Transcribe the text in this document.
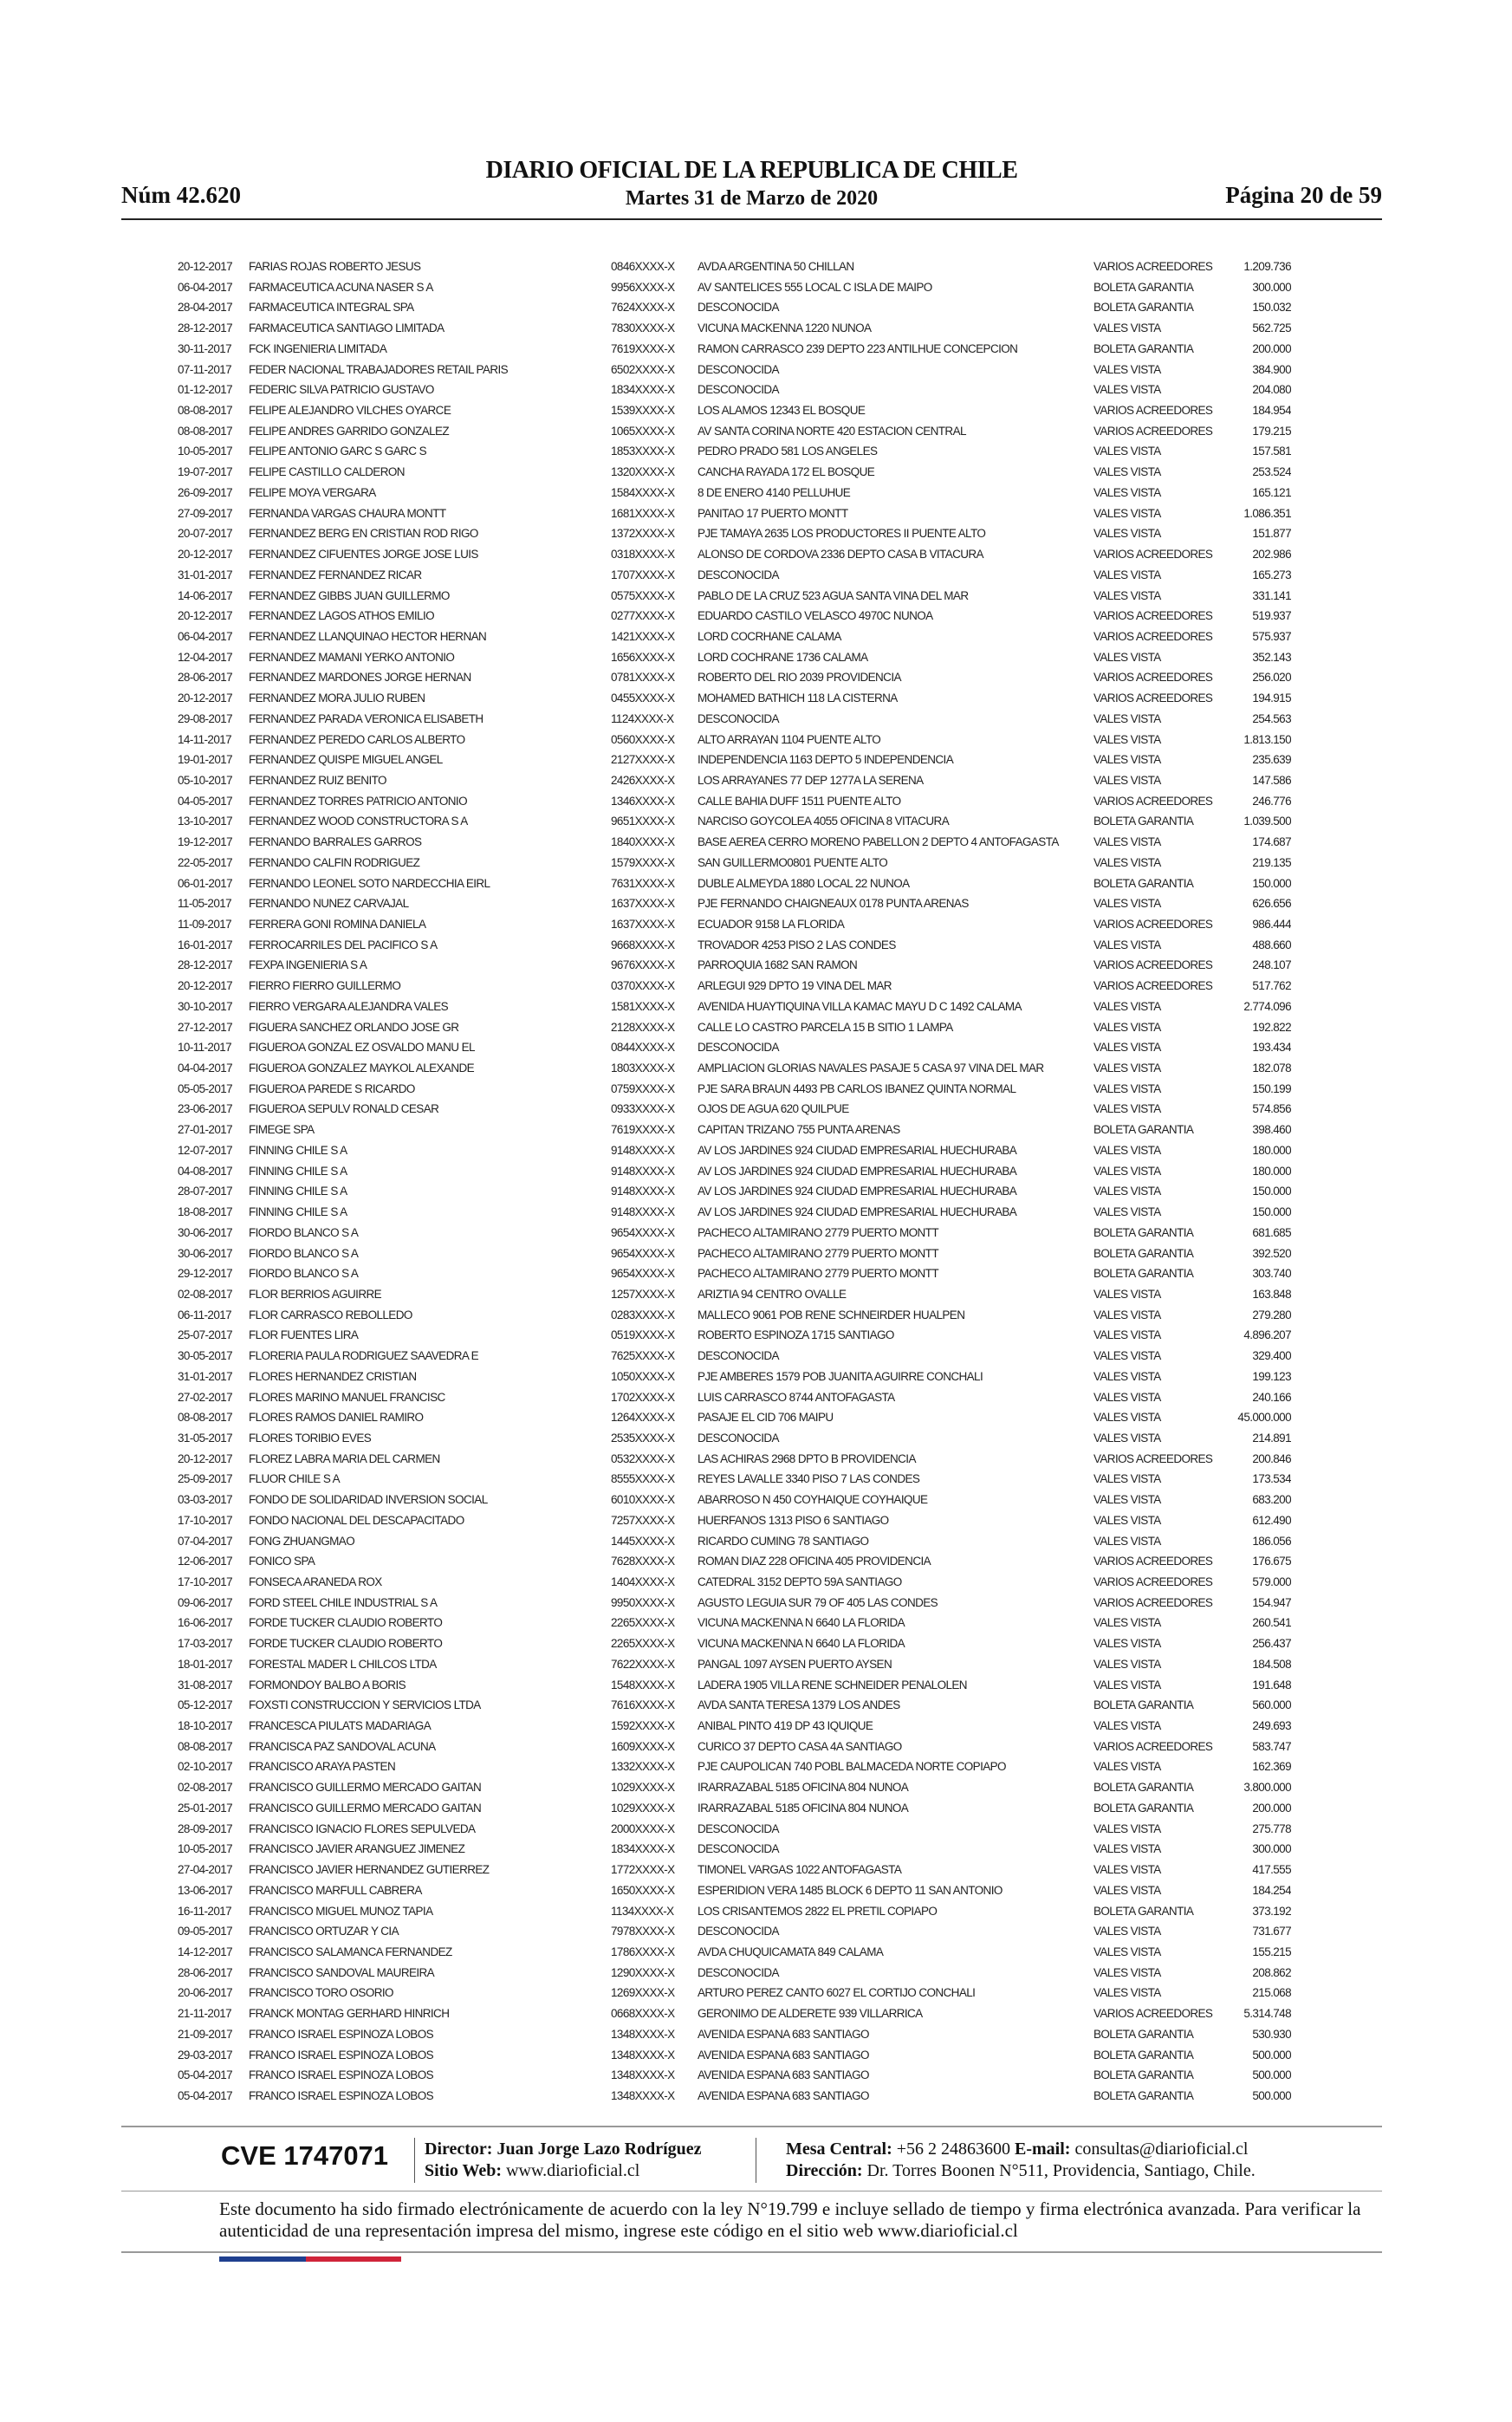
Núm 42.620
DIARIO OFICIAL DE LA REPUBLICA DE CHILE
Martes 31 de Marzo de 2020	Página 20 de 59
20-12-2017	FARIAS ROJAS ROBERTO JESUS	0846XXXX-X	AVDA ARGENTINA 50 CHILLAN	VARIOS ACREEDORES	1.209.736
06-04-2017	FARMACEUTICA ACUNA NASER S A	9956XXXX-X	AV SANTELICES 555 LOCAL C ISLA DE MAIPO	BOLETA GARANTIA	300.000
28-04-2017	FARMACEUTICA INTEGRAL SPA	7624XXXX-X	DESCONOCIDA	BOLETA GARANTIA	150.032
28-12-2017	FARMACEUTICA SANTIAGO LIMITADA	7830XXXX-X	VICUNA MACKENNA 1220 NUNOA	VALES VISTA	562.725
30-11-2017	FCK INGENIERIA LIMITADA	7619XXXX-X	RAMON CARRASCO 239 DEPTO 223 ANTILHUE CONCEPCION	BOLETA GARANTIA	200.000
07-11-2017	FEDER NACIONAL TRABAJADORES RETAIL PARIS	6502XXXX-X	DESCONOCIDA	VALES VISTA	384.900
01-12-2017	FEDERIC SILVA PATRICIO GUSTAVO	1834XXXX-X	DESCONOCIDA	VALES VISTA	204.080
08-08-2017	FELIPE ALEJANDRO VILCHES OYARCE	1539XXXX-X	LOS ALAMOS 12343 EL BOSQUE	VARIOS ACREEDORES	184.954
08-08-2017	FELIPE ANDRES GARRIDO GONZALEZ	1065XXXX-X	AV SANTA CORINA NORTE 420 ESTACION CENTRAL	VARIOS ACREEDORES	179.215
10-05-2017	FELIPE ANTONIO GARC S GARC S	1853XXXX-X	PEDRO PRADO 581 LOS ANGELES	VALES VISTA	157.581
19-07-2017	FELIPE CASTILLO CALDERON	1320XXXX-X	CANCHA RAYADA 172 EL BOSQUE	VALES VISTA	253.524
26-09-2017	FELIPE MOYA VERGARA	1584XXXX-X	8 DE ENERO 4140 PELLUHUE	VALES VISTA	165.121
27-09-2017	FERNANDA VARGAS CHAURA MONTT	1681XXXX-X	PANITAO 17 PUERTO MONTT	VALES VISTA	1.086.351
20-07-2017	FERNANDEZ BERG EN CRISTIAN ROD RIGO	1372XXXX-X	PJE TAMAYA 2635 LOS PRODUCTORES II PUENTE ALTO	VALES VISTA	151.877
20-12-2017	FERNANDEZ CIFUENTES JORGE JOSE LUIS	0318XXXX-X	ALONSO DE CORDOVA 2336 DEPTO CASA B VITACURA	VARIOS ACREEDORES	202.986
31-01-2017	FERNANDEZ FERNANDEZ RICAR	1707XXXX-X	DESCONOCIDA	VALES VISTA	165.273
14-06-2017	FERNANDEZ GIBBS JUAN GUILLERMO	0575XXXX-X	PABLO DE LA CRUZ 523 AGUA SANTA VINA DEL MAR	VALES VISTA	331.141
20-12-2017	FERNANDEZ LAGOS ATHOS EMILIO	0277XXXX-X	EDUARDO CASTILO VELASCO 4970C NUNOA	VARIOS ACREEDORES	519.937
06-04-2017	FERNANDEZ LLANQUINAO HECTOR HERNAN	1421XXXX-X	LORD COCRHANE CALAMA	VARIOS ACREEDORES	575.937
12-04-2017	FERNANDEZ MAMANI YERKO ANTONIO	1656XXXX-X	LORD COCHRANE 1736 CALAMA	VALES VISTA	352.143
28-06-2017	FERNANDEZ MARDONES JORGE HERNAN	0781XXXX-X	ROBERTO DEL RIO 2039 PROVIDENCIA	VARIOS ACREEDORES	256.020
20-12-2017	FERNANDEZ MORA JULIO RUBEN	0455XXXX-X	MOHAMED BATHICH 118 LA CISTERNA	VARIOS ACREEDORES	194.915
29-08-2017	FERNANDEZ PARADA VERONICA ELISABETH	1124XXXX-X	DESCONOCIDA	VALES VISTA	254.563
14-11-2017	FERNANDEZ PEREDO CARLOS ALBERTO	0560XXXX-X	ALTO ARRAYAN 1104 PUENTE ALTO	VALES VISTA	1.813.150
19-01-2017	FERNANDEZ QUISPE MIGUEL ANGEL	2127XXXX-X	INDEPENDENCIA 1163 DEPTO 5 INDEPENDENCIA	VALES VISTA	235.639
05-10-2017	FERNANDEZ RUIZ BENITO	2426XXXX-X	LOS ARRAYANES 77 DEP 1277A LA SERENA	VALES VISTA	147.586
04-05-2017	FERNANDEZ TORRES PATRICIO ANTONIO	1346XXXX-X	CALLE BAHIA DUFF 1511 PUENTE ALTO	VARIOS ACREEDORES	246.776
13-10-2017	FERNANDEZ WOOD CONSTRUCTORA S A	9651XXXX-X	NARCISO GOYCOLEA 4055 OFICINA 8 VITACURA	BOLETA GARANTIA	1.039.500
19-12-2017	FERNANDO BARRALES GARROS	1840XXXX-X	BASE AEREA CERRO MORENO PABELLON 2 DEPTO 4 ANTOFAGASTA	VALES VISTA	174.687
22-05-2017	FERNANDO CALFIN RODRIGUEZ	1579XXXX-X	SAN GUILLERMO0801 PUENTE ALTO	VALES VISTA	219.135
06-01-2017	FERNANDO LEONEL SOTO NARDECCHIA EIRL	7631XXXX-X	DUBLE ALMEYDA 1880 LOCAL 22 NUNOA	BOLETA GARANTIA	150.000
11-05-2017	FERNANDO NUNEZ CARVAJAL	1637XXXX-X	PJE FERNANDO CHAIGNEAUX 0178 PUNTA ARENAS	VALES VISTA	626.656
11-09-2017	FERRERA GONI ROMINA DANIELA	1637XXXX-X	ECUADOR 9158 LA FLORIDA	VARIOS ACREEDORES	986.444
16-01-2017	FERROCARRILES DEL PACIFICO S A	9668XXXX-X	TROVADOR 4253 PISO 2 LAS CONDES	VALES VISTA	488.660
28-12-2017	FEXPA INGENIERIA S A	9676XXXX-X	PARROQUIA 1682 SAN RAMON	VARIOS ACREEDORES	248.107
20-12-2017	FIERRO FIERRO GUILLERMO	0370XXXX-X	ARLEGUI 929 DPTO 19 VINA DEL MAR	VARIOS ACREEDORES	517.762
30-10-2017	FIERRO VERGARA ALEJANDRA VALES	1581XXXX-X	AVENIDA HUAYTIQUINA VILLA KAMAC MAYU D C 1492 CALAMA	VALES VISTA	2.774.096
27-12-2017	FIGUERA SANCHEZ ORLANDO JOSE GR	2128XXXX-X	CALLE LO CASTRO PARCELA 15 B SITIO 1 LAMPA	VALES VISTA	192.822
10-11-2017	FIGUEROA GONZAL EZ OSVALDO MANU EL	0844XXXX-X	DESCONOCIDA	VALES VISTA	193.434
04-04-2017	FIGUEROA GONZALEZ MAYKOL ALEXANDE	1803XXXX-X	AMPLIACION GLORIAS NAVALES PASAJE 5 CASA 97 VINA DEL MAR	VALES VISTA	182.078
05-05-2017	FIGUEROA PAREDE S RICARDO	0759XXXX-X	PJE SARA BRAUN 4493 PB CARLOS IBANEZ QUINTA NORMAL	VALES VISTA	150.199
23-06-2017	FIGUEROA SEPULV RONALD CESAR	0933XXXX-X	OJOS DE AGUA 620 QUILPUE	VALES VISTA	574.856
27-01-2017	FIMEGE SPA	7619XXXX-X	CAPITAN TRIZANO 755 PUNTA ARENAS	BOLETA GARANTIA	398.460
12-07-2017	FINNING CHILE S A	9148XXXX-X	AV LOS JARDINES 924 CIUDAD EMPRESARIAL HUECHURABA	VALES VISTA	180.000
04-08-2017	FINNING CHILE S A	9148XXXX-X	AV LOS JARDINES 924 CIUDAD EMPRESARIAL HUECHURABA	VALES VISTA	180.000
28-07-2017	FINNING CHILE S A	9148XXXX-X	AV LOS JARDINES 924 CIUDAD EMPRESARIAL HUECHURABA	VALES VISTA	150.000
18-08-2017	FINNING CHILE S A	9148XXXX-X	AV LOS JARDINES 924 CIUDAD EMPRESARIAL HUECHURABA	VALES VISTA	150.000
30-06-2017	FIORDO BLANCO S A	9654XXXX-X	PACHECO ALTAMIRANO 2779 PUERTO MONTT	BOLETA GARANTIA	681.685
30-06-2017	FIORDO BLANCO S A	9654XXXX-X	PACHECO ALTAMIRANO 2779 PUERTO MONTT	BOLETA GARANTIA	392.520
29-12-2017	FIORDO BLANCO S A	9654XXXX-X	PACHECO ALTAMIRANO 2779 PUERTO MONTT	BOLETA GARANTIA	303.740
02-08-2017	FLOR BERRIOS AGUIRRE	1257XXXX-X	ARIZTIA 94 CENTRO OVALLE	VALES VISTA	163.848
06-11-2017	FLOR CARRASCO REBOLLEDO	0283XXXX-X	MALLECO 9061 POB RENE SCHNEIRDER HUALPEN	VALES VISTA	279.280
25-07-2017	FLOR FUENTES LIRA	0519XXXX-X	ROBERTO ESPINOZA 1715 SANTIAGO	VALES VISTA	4.896.207
30-05-2017	FLORERIA PAULA RODRIGUEZ SAAVEDRA E	7625XXXX-X	DESCONOCIDA	VALES VISTA	329.400
31-01-2017	FLORES HERNANDEZ CRISTIAN	1050XXXX-X	PJE AMBERES 1579 POB JUANITA AGUIRRE CONCHALI	VALES VISTA	199.123
27-02-2017	FLORES MARINO MANUEL FRANCISC	1702XXXX-X	LUIS CARRASCO 8744 ANTOFAGASTA	VALES VISTA	240.166
08-08-2017	FLORES RAMOS DANIEL RAMIRO	1264XXXX-X	PASAJE EL CID 706 MAIPU	VALES VISTA	45.000.000
31-05-2017	FLORES TORIBIO EVES	2535XXXX-X	DESCONOCIDA	VALES VISTA	214.891
20-12-2017	FLOREZ LABRA MARIA DEL CARMEN	0532XXXX-X	LAS ACHIRAS 2968 DPTO B PROVIDENCIA	VARIOS ACREEDORES	200.846
25-09-2017	FLUOR CHILE S A	8555XXXX-X	REYES LAVALLE 3340 PISO 7 LAS CONDES	VALES VISTA	173.534
03-03-2017	FONDO DE SOLIDARIDAD INVERSION SOCIAL	6010XXXX-X	ABARROSO N 450 COYHAIQUE COYHAIQUE	VALES VISTA	683.200
17-10-2017	FONDO NACIONAL DEL DESCAPACITADO	7257XXXX-X	HUERFANOS 1313 PISO 6 SANTIAGO	VALES VISTA	612.490
07-04-2017	FONG ZHUANGMAO	1445XXXX-X	RICARDO CUMING 78 SANTIAGO	VALES VISTA	186.056
12-06-2017	FONICO SPA	7628XXXX-X	ROMAN DIAZ 228 OFICINA 405 PROVIDENCIA	VARIOS ACREEDORES	176.675
17-10-2017	FONSECA ARANEDA ROX	1404XXXX-X	CATEDRAL 3152 DEPTO 59A SANTIAGO	VARIOS ACREEDORES	579.000
09-06-2017	FORD STEEL CHILE INDUSTRIAL S A	9950XXXX-X	AGUSTO LEGUIA SUR 79 OF 405 LAS CONDES	VARIOS ACREEDORES	154.947
16-06-2017	FORDE TUCKER CLAUDIO ROBERTO	2265XXXX-X	VICUNA MACKENNA N 6640 LA FLORIDA	VALES VISTA	260.541
17-03-2017	FORDE TUCKER CLAUDIO ROBERTO	2265XXXX-X	VICUNA MACKENNA N 6640 LA FLORIDA	VALES VISTA	256.437
18-01-2017	FORESTAL MADER L CHILCOS LTDA	7622XXXX-X	PANGAL 1097 AYSEN PUERTO AYSEN	VALES VISTA	184.508
31-08-2017	FORMONDOY BALBO A BORIS	1548XXXX-X	LADERA 1905 VILLA RENE SCHNEIDER PENALOLEN	VALES VISTA	191.648
05-12-2017	FOXSTI CONSTRUCCION Y SERVICIOS LTDA	7616XXXX-X	AVDA SANTA TERESA 1379 LOS ANDES	BOLETA GARANTIA	560.000
18-10-2017	FRANCESCA PIULATS MADARIAGA	1592XXXX-X	ANIBAL PINTO 419 DP 43 IQUIQUE	VALES VISTA	249.693
08-08-2017	FRANCISCA PAZ SANDOVAL ACUNA	1609XXXX-X	CURICO 37 DEPTO CASA 4A SANTIAGO	VARIOS ACREEDORES	583.747
02-10-2017	FRANCISCO ARAYA PASTEN	1332XXXX-X	PJE CAUPOLICAN 740 POBL BALMACEDA NORTE COPIAPO	VALES VISTA	162.369
02-08-2017	FRANCISCO GUILLERMO MERCADO GAITAN	1029XXXX-X	IRARRAZABAL 5185 OFICINA 804 NUNOA	BOLETA GARANTIA	3.800.000
25-01-2017	FRANCISCO GUILLERMO MERCADO GAITAN	1029XXXX-X	IRARRAZABAL 5185 OFICINA 804 NUNOA	BOLETA GARANTIA	200.000
28-09-2017	FRANCISCO IGNACIO FLORES SEPULVEDA	2000XXXX-X	DESCONOCIDA	VALES VISTA	275.778
10-05-2017	FRANCISCO JAVIER ARANGUEZ JIMENEZ	1834XXXX-X	DESCONOCIDA	VALES VISTA	300.000
27-04-2017	FRANCISCO JAVIER HERNANDEZ GUTIERREZ	1772XXXX-X	TIMONEL VARGAS 1022 ANTOFAGASTA	VALES VISTA	417.555
13-06-2017	FRANCISCO MARFULL CABRERA	1650XXXX-X	ESPERIDION VERA 1485 BLOCK 6 DEPTO 11 SAN ANTONIO	VALES VISTA	184.254
16-11-2017	FRANCISCO MIGUEL MUNOZ TAPIA	1134XXXX-X	LOS CRISANTEMOS 2822 EL PRETIL COPIAPO	BOLETA GARANTIA	373.192
09-05-2017	FRANCISCO ORTUZAR Y CIA	7978XXXX-X	DESCONOCIDA	VALES VISTA	731.677
14-12-2017	FRANCISCO SALAMANCA FERNANDEZ	1786XXXX-X	AVDA CHUQUICAMATA 849 CALAMA	VALES VISTA	155.215
28-06-2017	FRANCISCO SANDOVAL MAUREIRA	1290XXXX-X	DESCONOCIDA	VALES VISTA	208.862
20-06-2017	FRANCISCO TORO OSORIO	1269XXXX-X	ARTURO PEREZ CANTO 6027 EL CORTIJO CONCHALI	VALES VISTA	215.068
21-11-2017	FRANCK MONTAG GERHARD HINRICH	0668XXXX-X	GERONIMO DE ALDERETE 939 VILLARRICA	VARIOS ACREEDORES	5.314.748
21-09-2017	FRANCO ISRAEL ESPINOZA LOBOS	1348XXXX-X	AVENIDA ESPANA 683 SANTIAGO	BOLETA GARANTIA	530.930
29-03-2017	FRANCO ISRAEL ESPINOZA LOBOS	1348XXXX-X	AVENIDA ESPANA 683 SANTIAGO	BOLETA GARANTIA	500.000
05-04-2017	FRANCO ISRAEL ESPINOZA LOBOS	1348XXXX-X	AVENIDA ESPANA 683 SANTIAGO	BOLETA GARANTIA	500.000
05-04-2017	FRANCO ISRAEL ESPINOZA LOBOS	1348XXXX-X	AVENIDA ESPANA 683 SANTIAGO	BOLETA GARANTIA	500.000
CVE 1747071 Director: Juan Jorge Lazo Rodríguez
Sitio Web: www.diarioficial.cl
Mesa Central: +56 2 24863600 E-mail: consultas@diarioficial.cl
Dirección: Dr. Torres Boonen N°511, Providencia, Santiago, Chile.
Este documento ha sido firmado electrónicamente de acuerdo con la ley N°19.799 e incluye sellado de tiempo y firma electrónica avanzada. Para verificar la autenticidad de una representación impresa del mismo, ingrese este código en el sitio web www.diarioficial.cl
